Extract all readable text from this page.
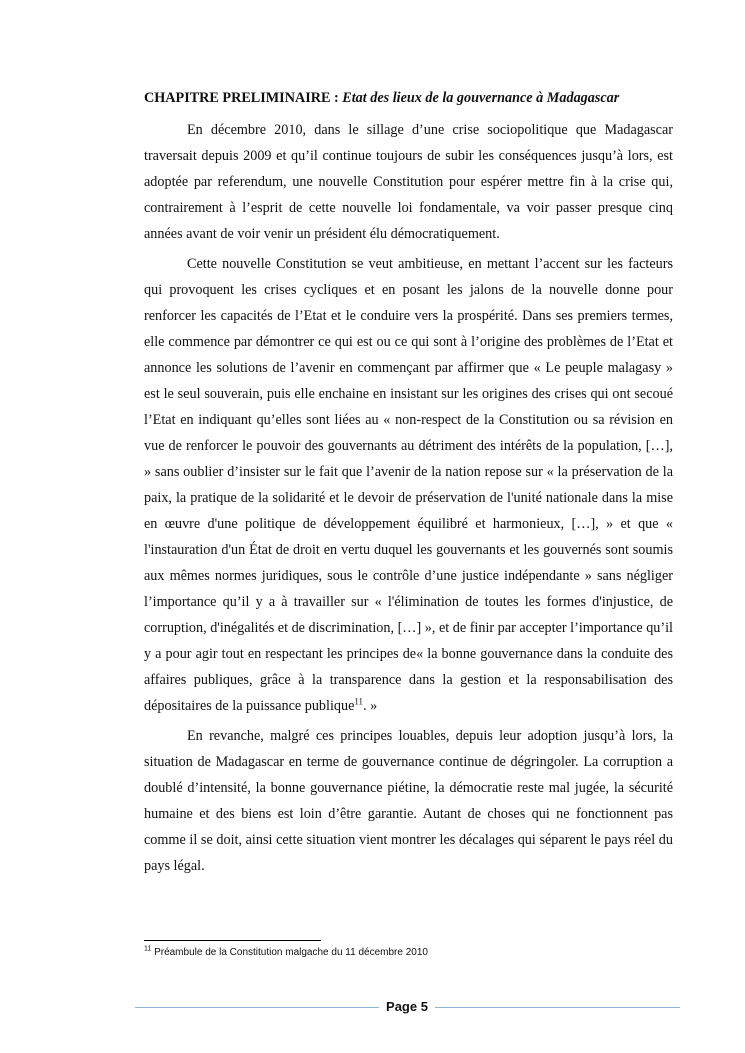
CHAPITRE PRELIMINAIRE : Etat des lieux de la gouvernance à Madagascar

En décembre 2010, dans le sillage d’une crise sociopolitique que Madagascar traversait depuis 2009 et qu’il continue toujours de subir les conséquences jusqu’à lors, est adoptée par referendum, une nouvelle Constitution pour espérer mettre fin à la crise qui, contrairement à l’esprit de cette nouvelle loi fondamentale, va voir passer presque cinq années avant de voir venir un président élu démocratiquement.

Cette nouvelle Constitution se veut ambitieuse, en mettant l’accent sur les facteurs qui provoquent les crises cycliques et en posant les jalons de la nouvelle donne pour renforcer les capacités de l’Etat et le conduire vers la prospérité. Dans ses premiers termes, elle commence par démontrer ce qui est ou ce qui sont à l’origine des problèmes de l’Etat et annonce les solutions de l’avenir en commençant par affirmer que « Le peuple malagasy » est le seul souverain, puis elle enchaine en insistant sur les origines des crises qui ont secoué l’Etat en indiquant qu’elles sont liées au « non-respect de la Constitution ou sa révision en vue de renforcer le pouvoir des gouvernants au détriment des intérêts de la population, […], » sans oublier d’insister sur le fait que l’avenir de la nation repose sur « la préservation de la paix, la pratique de la solidarité et le devoir de préservation de l'unité nationale dans la mise en œuvre d'une politique de développement équilibré et harmonieux, […], » et que « l'instauration d'un État de droit en vertu duquel les gouvernants et les gouvernés sont soumis aux mêmes normes juridiques, sous le contrôle d’une justice indépendante » sans négliger l’importance qu’il y a à travailler sur « l'élimination de toutes les formes d'injustice, de corruption, d'inégalités et de discrimination, […] », et de finir par accepter l’importance qu’il y a pour agir tout en respectant les principes de« la bonne gouvernance dans la conduite des affaires publiques, grâce à la transparence dans la gestion et la responsabilisation des dépositaires de la puissance publique$^{11}$. »

En revanche, malgré ces principes louables, depuis leur adoption jusqu’à lors, la situation de Madagascar en terme de gouvernance continue de dégringoler. La corruption a doublé d’intensité, la bonne gouvernance piétine, la démocratie reste mal jugée, la sécurité humaine et des biens est loin d’être garantie. Autant de choses qui ne fonctionnent pas comme il se doit, ainsi cette situation vient montrer les décalages qui séparent le pays réel du pays légal.

$^{11}$ Préambule de la Constitution malgache du 11 décembre 2010
Page 5
